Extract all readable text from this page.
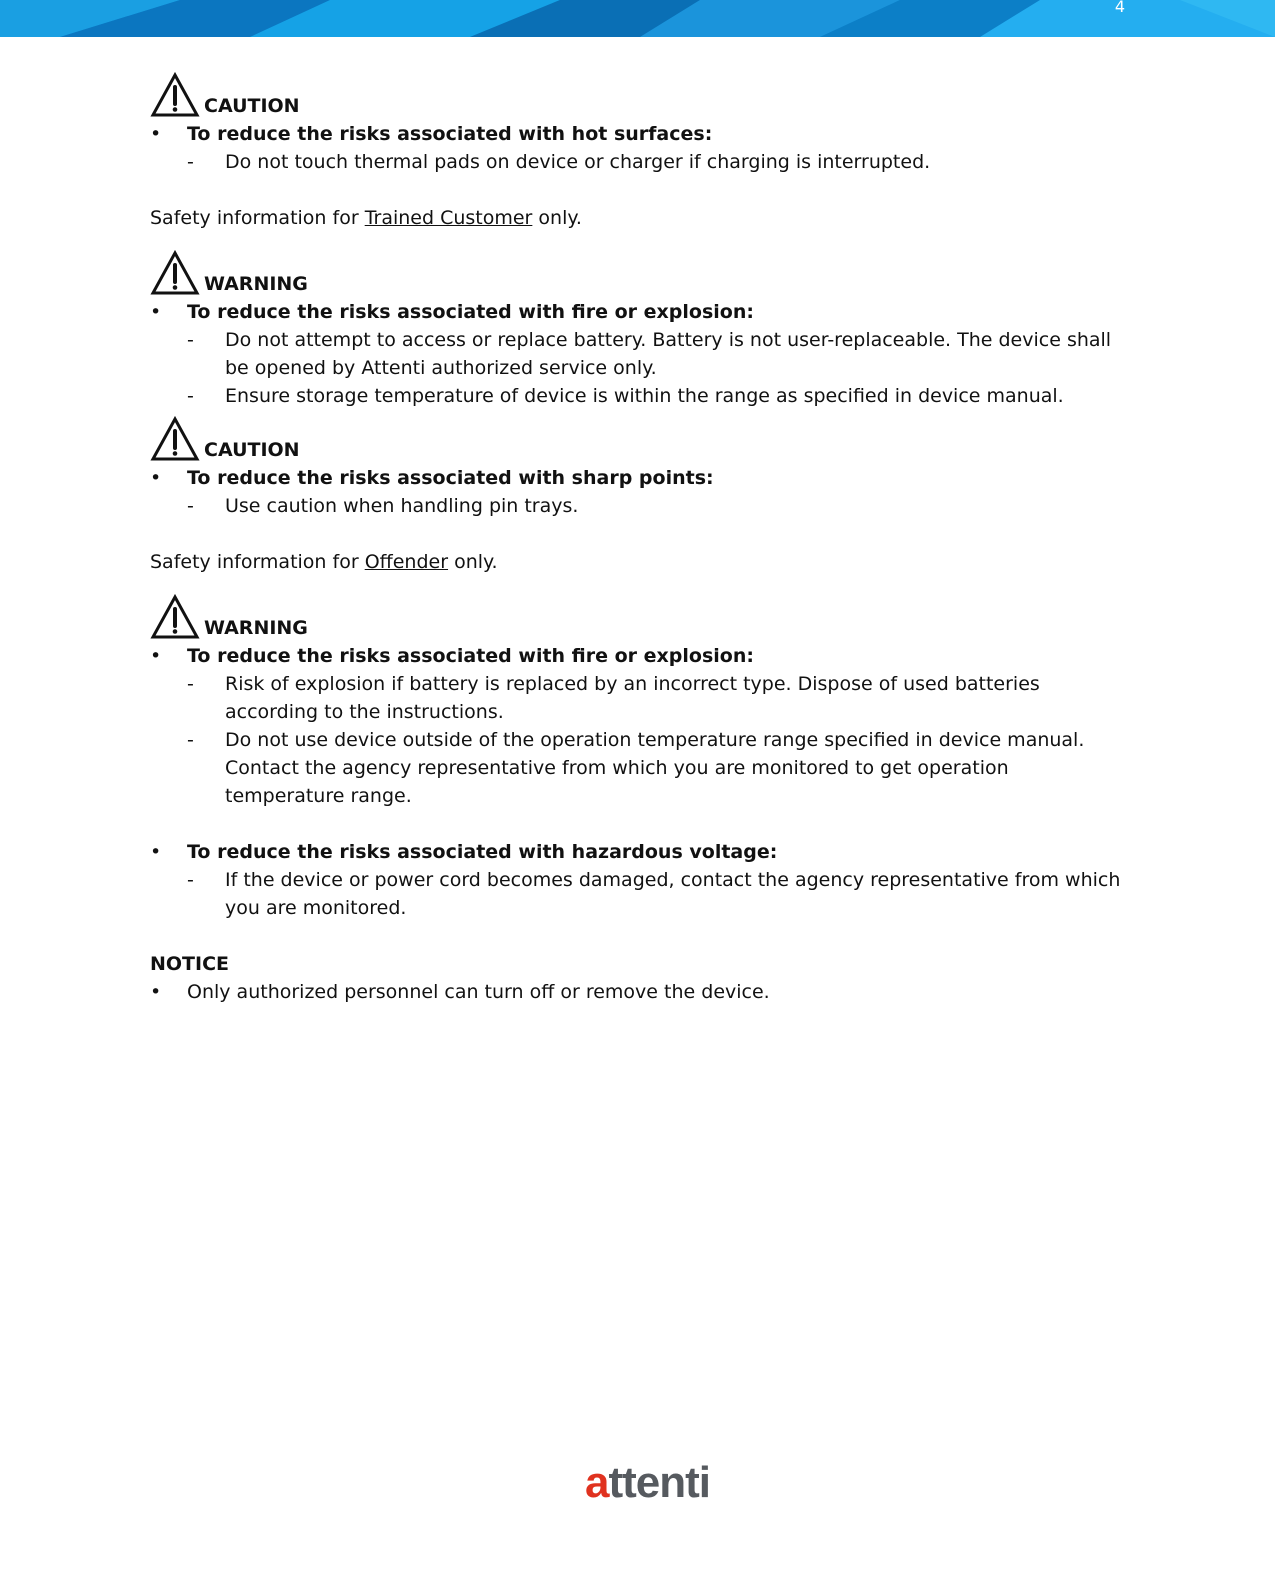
4
CAUTION
•	To reduce the risks associated with hot surfaces:
-	Do not touch thermal pads on device or charger if charging is interrupted.
Safety information for Trained Customer only.
WARNING
•	To reduce the risks associated with fire or explosion:
-	Do not attempt to access or replace battery. Battery is not user-replaceable. The device shall be opened by Attenti authorized service only.
-	Ensure storage temperature of device is within the range as specified in device manual.
CAUTION
•	To reduce the risks associated with sharp points:
-	Use caution when handling pin trays.
Safety information for Offender only.
WARNING
•	To reduce the risks associated with fire or explosion:
-	Risk of explosion if battery is replaced by an incorrect type. Dispose of used batteries according to the instructions.
-	Do not use device outside of the operation temperature range specified in device manual. Contact the agency representative from which you are monitored to get operation temperature range.
•	To reduce the risks associated with hazardous voltage:
-	If the device or power cord becomes damaged, contact the agency representative from which you are monitored.
NOTICE
•	Only authorized personnel can turn off or remove the device.
attenti
